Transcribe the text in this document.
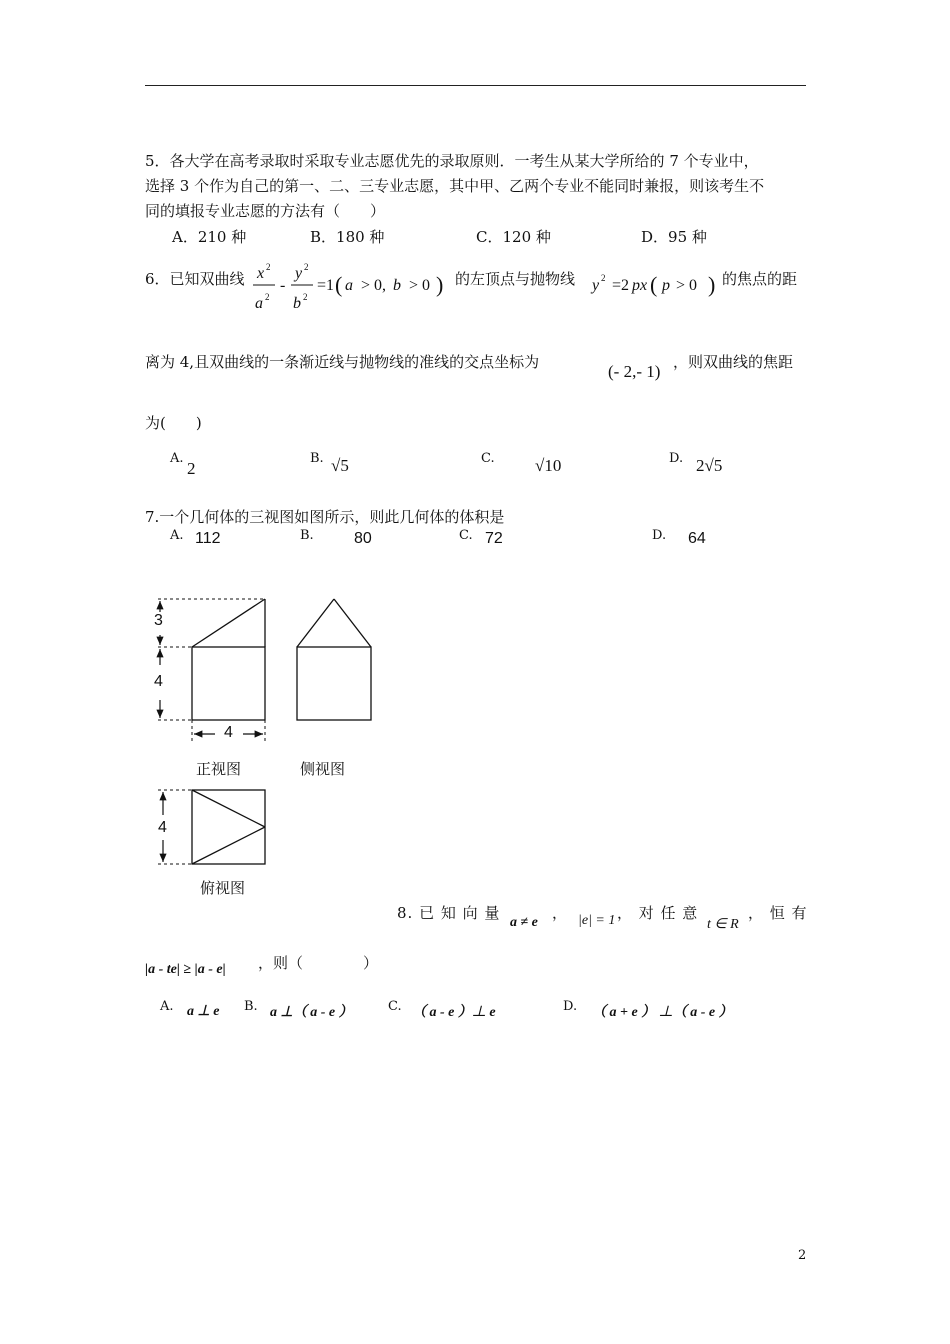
5．各大学在高考录取时采取专业志愿优先的录取原则．一考生从某大学所给的 7 个专业中，
选择 3 个作为自己的第一、二、三专业志愿，其中甲、乙两个专业不能同时兼报，则该考生不
同的填报专业志愿的方法有（　　）
A．210 种	B．180 种	C．120 种	D．95 种
6．已知双曲线 x 2
a 2
-
y 2
b 2
=1 ( a > 0, b > 0 ) 的左顶点与抛物线 y 2 =2 px ( p > 0 ) 的焦点的距
离为 4,且双曲线的一条渐近线与抛物线的准线的交点坐标为	(- 2,- 1) ，则双曲线的焦距
为(　　)
A.
2
B. √5	C. √10	D. 2√5
7.一个几何体的三视图如图所示，则此几何体的体积是
A. 112	B.	80	C. 72	D. 64
3
4
4
4
正视图	侧视图
俯视图
8. 已 知 向 量
a ≠ e
， |e| = 1 ， 对 任 意
t ∈ R
， 恒 有
|a - te| ≥ |a - e| ，则（　　　　）
A. a ⊥ e B. a ⊥（ a - e ）	C. （ a - e ）⊥ e	D. （ a + e ） ⊥（ a - e ）
2
